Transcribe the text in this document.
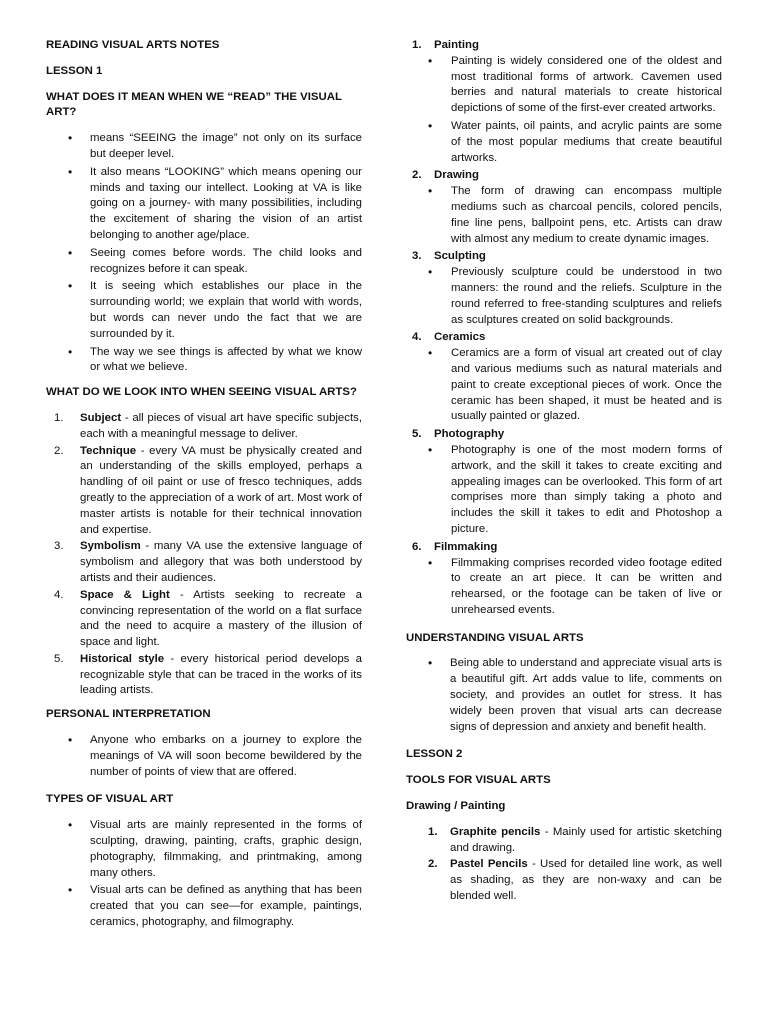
READING VISUAL ARTS NOTES

LESSON 1

WHAT DOES IT MEAN WHEN WE “READ” THE VISUAL ART?

• means “SEEING the image” not only on its surface but deeper level.
• It also means “LOOKING” which means opening our minds and taxing our intellect. Looking at VA is like going on a journey- with many possibilities, including the excitement of sharing the vision of an artist belonging to another age/place.
• Seeing comes before words. The child looks and recognizes before it can speak.
• It is seeing which establishes our place in the surrounding world; we explain that world with words, but words can never undo the fact that we are surrounded by it.
• The way we see things is affected by what we know or what we believe.

WHAT DO WE LOOK INTO WHEN SEEING VISUAL ARTS?

1. Subject - all pieces of visual art have specific subjects, each with a meaningful message to deliver.
2. Technique - every VA must be physically created and an understanding of the skills employed, perhaps a handling of oil paint or use of fresco techniques, adds greatly to the appreciation of a work of art. Most work of master artists is notable for their technical innovation and expertise.
3. Symbolism - many VA use the extensive language of symbolism and allegory that was both understood by artists and their audiences.
4. Space & Light - Artists seeking to recreate a convincing representation of the world on a flat surface and the need to acquire a mastery of the illusion of space and light.
5. Historical style - every historical period develops a recognizable style that can be traced in the works of its leading artists.

PERSONAL INTERPRETATION

• Anyone who embarks on a journey to explore the meanings of VA will soon become bewildered by the number of points of view that are offered.

TYPES OF VISUAL ART

• Visual arts are mainly represented in the forms of sculpting, drawing, painting, crafts, graphic design, photography, filmmaking, and printmaking, among many others.
• Visual arts can be defined as anything that has been created that you can see—for example, paintings, ceramics, photography, and filmography.
1. Painting
• Painting is widely considered one of the oldest and most traditional forms of artwork. Cavemen used berries and natural materials to create historical depictions of some of the first-ever created artworks.
• Water paints, oil paints, and acrylic paints are some of the most popular mediums that create beautiful artworks.
2. Drawing
• The form of drawing can encompass multiple mediums such as charcoal pencils, colored pencils, fine line pens, ballpoint pens, etc. Artists can draw with almost any medium to create dynamic images.
3. Sculpting
• Previously sculpture could be understood in two manners: the round and the reliefs. Sculpture in the round referred to free-standing sculptures and reliefs as sculptures created on solid backgrounds.
4. Ceramics
• Ceramics are a form of visual art created out of clay and various mediums such as natural materials and paint to create exceptional pieces of work. Once the ceramic has been shaped, it must be heated and is usually painted or glazed.
5. Photography
• Photography is one of the most modern forms of artwork, and the skill it takes to create exciting and appealing images can be overlooked. This form of art comprises more than simply taking a photo and includes the skill it takes to edit and Photoshop a picture.
6. Filmmaking
• Filmmaking comprises recorded video footage edited to create an art piece. It can be written and rehearsed, or the footage can be taken of live or unrehearsed events.

UNDERSTANDING VISUAL ARTS

• Being able to understand and appreciate visual arts is a beautiful gift. Art adds value to life, comments on society, and provides an outlet for stress. It has widely been proven that visual arts can decrease signs of depression and anxiety and benefit health.

LESSON 2

TOOLS FOR VISUAL ARTS

Drawing / Painting

1. Graphite pencils - Mainly used for artistic sketching and drawing.
2. Pastel Pencils - Used for detailed line work, as well as shading, as they are non-waxy and can be blended well.
